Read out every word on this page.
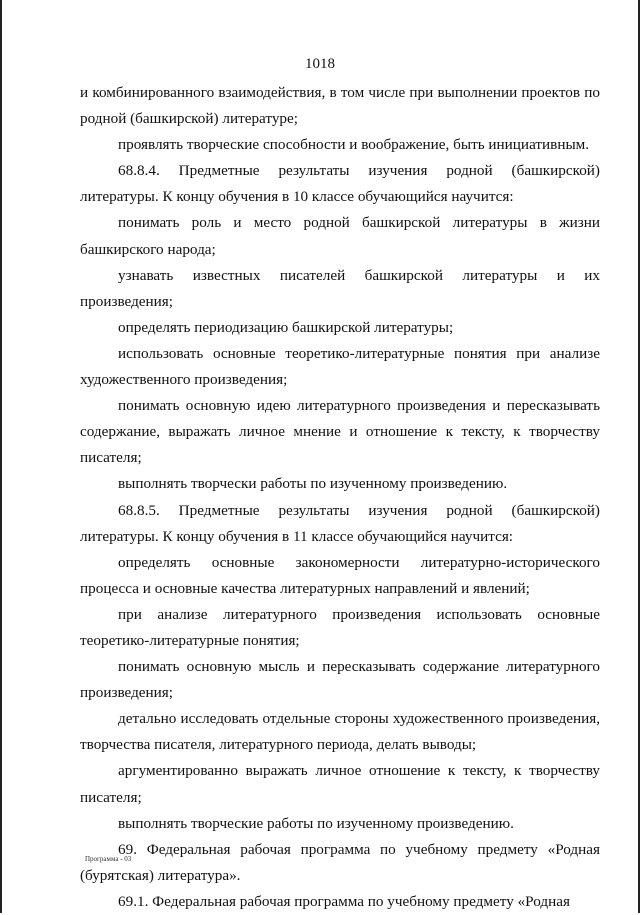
1018

и комбинированного взаимодействия, в том числе при выполнении проектов по родной (башкирской) литературе;

проявлять творческие способности и воображение, быть инициативным.

68.8.4. Предметные результаты изучения родной (башкирской) литературы. К концу обучения в 10 классе обучающийся научится:

понимать роль и место родной башкирской литературы в жизни башкирского народа;

узнавать известных писателей башкирской литературы и их произведения;

определять периодизацию башкирской литературы;

использовать основные теоретико-литературные понятия при анализе художественного произведения;

понимать основную идею литературного произведения и пересказывать содержание, выражать личное мнение и отношение к тексту, к творчеству писателя;

выполнять творчески работы по изученному произведению.

68.8.5. Предметные результаты изучения родной (башкирской) литературы. К концу обучения в 11 классе обучающийся научится:

определять основные закономерности литературно-исторического процесса и основные качества литературных направлений и явлений;

при анализе литературного произведения использовать основные теоретико-литературные понятия;

понимать основную мысль и пересказывать содержание литературного произведения;

детально исследовать отдельные стороны художественного произведения, творчества писателя, литературного периода, делать выводы;

аргументированно выражать личное отношение к тексту, к творчеству писателя;

выполнять творческие работы по изученному произведению.

69. Федеральная рабочая программа по учебному предмету «Родная (бурятская) литература».

69.1. Федеральная рабочая программа по учебному предмету «Родная

Программа - 03
